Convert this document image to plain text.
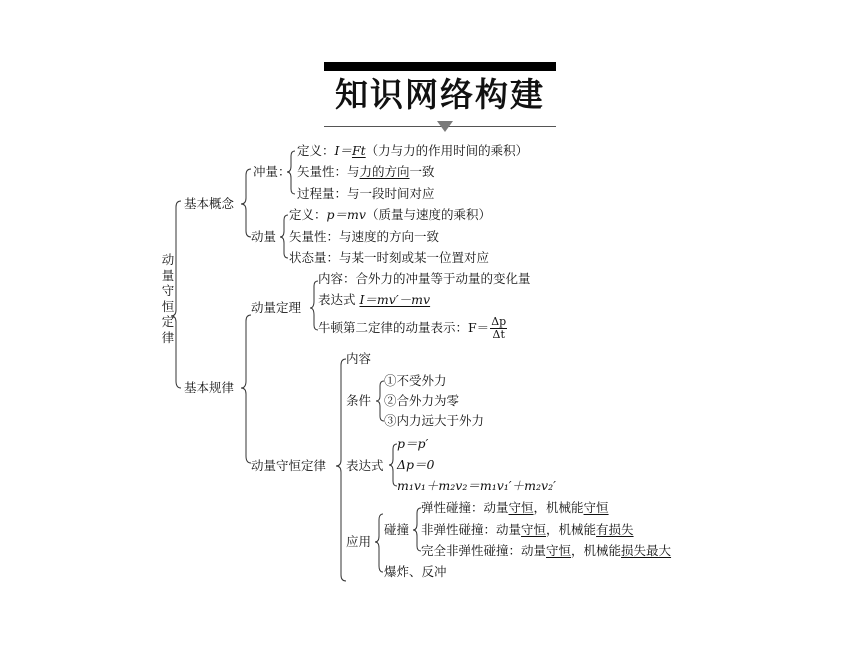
知识网络构建
动量守恒定律
基本概念
基本规律
冲量：
定义：I＝Ft（力与力的作用时间的乘积）
矢量性：与力的方向一致
过程量：与一段时间对应
动量
定义：p＝mv（质量与速度的乘积）
矢量性：与速度的方向一致
状态量：与某一时刻或某一位置对应
动量定理
内容：合外力的冲量等于动量的变化量
表达式 I＝mv′－mv
牛顿第二定律的动量表示：$F= \frac{\Delta p}{\Delta t}$
动量守恒定律
内容
条件
①不受外力
②合外力为零
③内力远大于外力
表达式
p＝p′
Δp＝0
m₁v₁＋m₂v₂＝m₁v₁′＋m₂v₂′
应用
碰撞
弹性碰撞：动量守恒，机械能守恒
非弹性碰撞：动量守恒，机械能有损失
完全非弹性碰撞：动量守恒，机械能损失最大
爆炸、反冲
